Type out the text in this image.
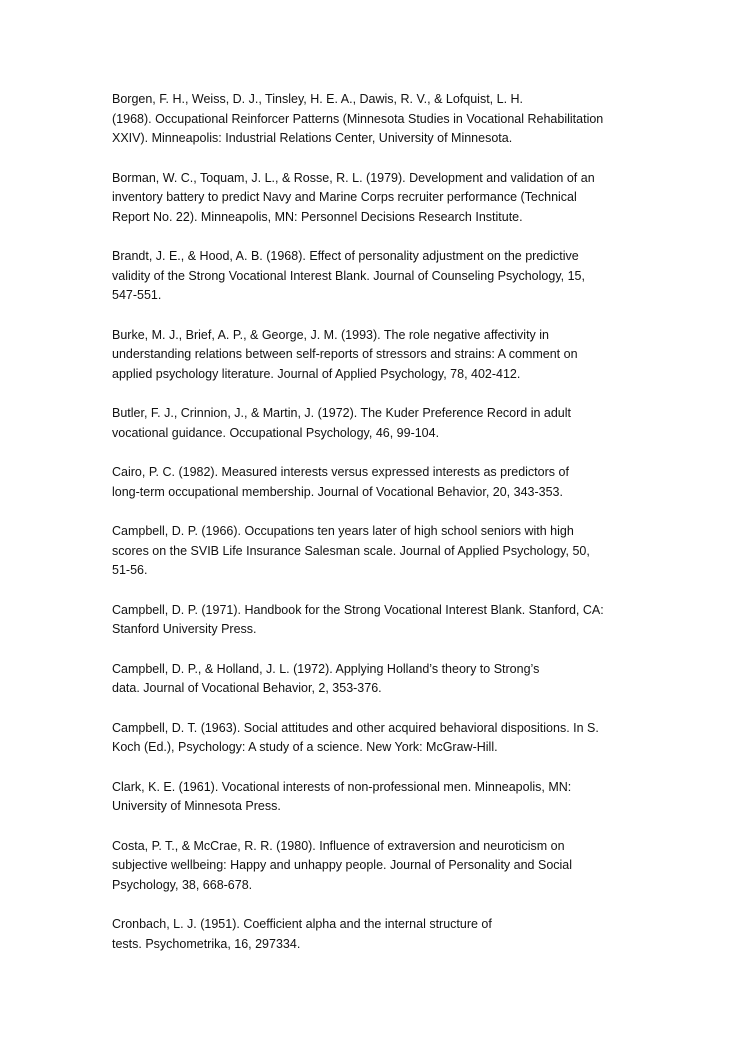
Borgen, F. H., Weiss, D. J., Tinsley, H. E. A., Dawis, R. V., & Lofquist, L. H.
(1968). Occupational Reinforcer Patterns (Minnesota Studies in Vocational Rehabilitation
XXIV). Minneapolis: Industrial Relations Center, University of Minnesota.
Borman, W. C., Toquam, J. L., & Rosse, R. L. (1979). Development and validation of an
inventory battery to predict Navy and Marine Corps recruiter performance (Technical
Report No. 22). Minneapolis, MN: Personnel Decisions Research Institute.
Brandt, J. E., & Hood, A. B. (1968). Effect of personality adjustment on the predictive
validity of the Strong Vocational Interest Blank. Journal of Counseling Psychology, 15,
547-551.
Burke, M. J., Brief, A. P., & George, J. M. (1993). The role negative affectivity in
understanding relations between self-reports of stressors and strains: A comment on
applied psychology literature. Journal of Applied Psychology, 78, 402-412.
Butler, F. J., Crinnion, J., & Martin, J. (1972). The Kuder Preference Record in adult
vocational guidance. Occupational Psychology, 46, 99-104.
Cairo, P. C. (1982). Measured interests versus expressed interests as predictors of
long-term occupational membership. Journal of Vocational Behavior, 20, 343-353.
Campbell, D. P. (1966). Occupations ten years later of high school seniors with high
scores on the SVIB Life Insurance Salesman scale. Journal of Applied Psychology, 50,
51-56.
Campbell, D. P. (1971). Handbook for the Strong Vocational Interest Blank. Stanford, CA:
Stanford University Press.
Campbell, D. P., & Holland, J. L. (1972). Applying Holland’s theory to Strong’s
data. Journal of Vocational Behavior, 2, 353-376.
Campbell, D. T. (1963). Social attitudes and other acquired behavioral dispositions. In S.
Koch (Ed.), Psychology: A study of a science. New York: McGraw-Hill.
Clark, K. E. (1961). Vocational interests of non-professional men. Minneapolis, MN:
University of Minnesota Press.
Costa, P. T., & McCrae, R. R. (1980). Influence of extraversion and neuroticism on
subjective wellbeing: Happy and unhappy people. Journal of Personality and Social
Psychology, 38, 668-678.
Cronbach, L. J. (1951). Coefficient alpha and the internal structure of
tests. Psychometrika, 16, 297334.
